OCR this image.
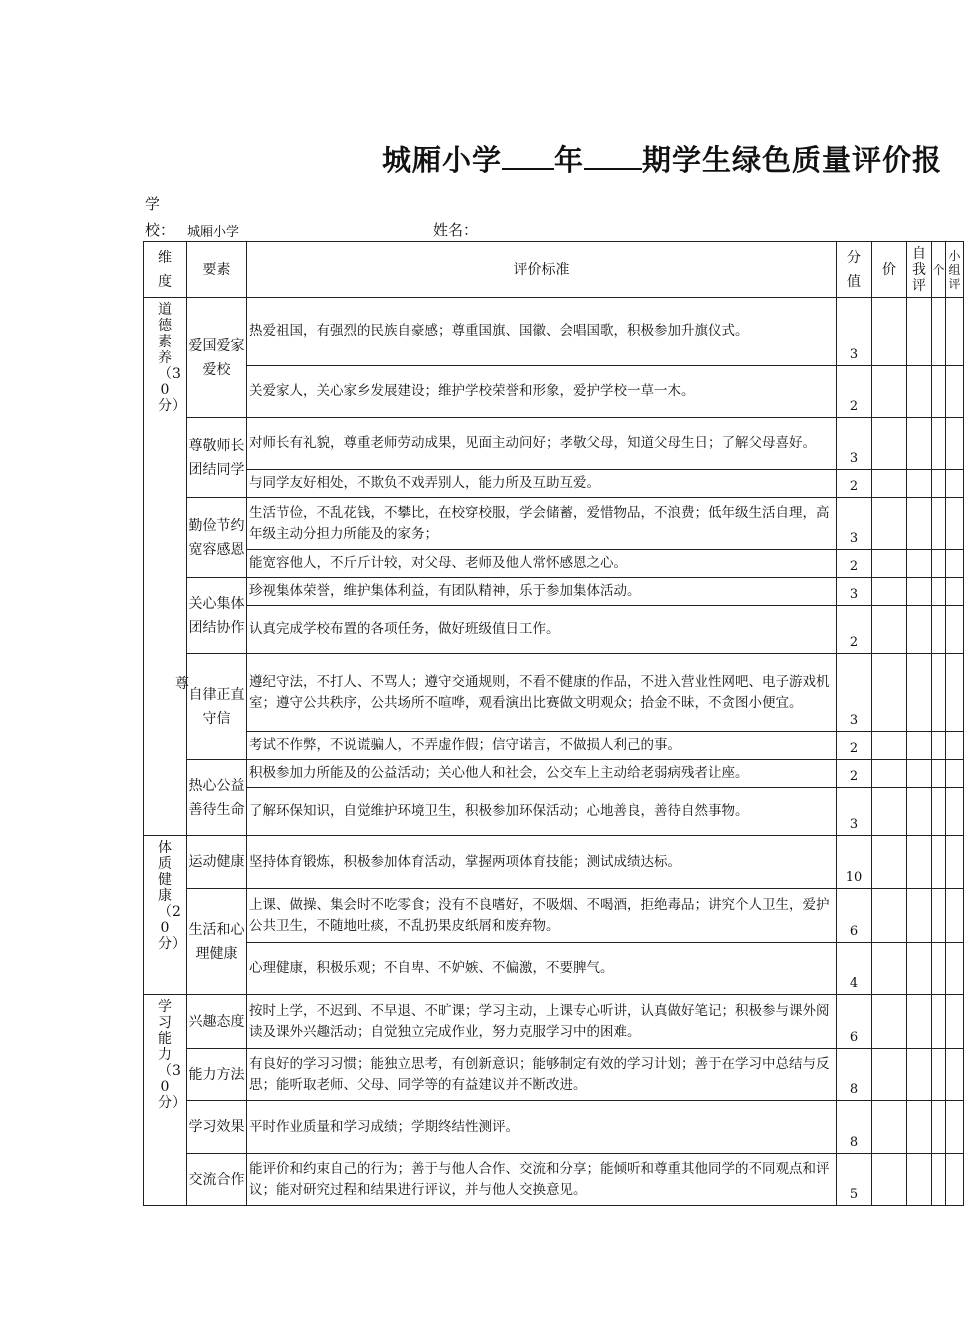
城厢小学 年 期学生绿色质量评价报
学
校： 城厢小学	姓名：
维度	要素	评价标准	分值	价	自我评	个	小组评

道德素养（30分）	爱国爱家爱校	热爱祖国，有强烈的民族自豪感；尊重国旗、国徽、会唱国歌，积极参加升旗仪式。	3				
		关爱家人，关心家乡发展建设；维护学校荣誉和形象，爱护学校一草一木。	2				
	尊敬师长团结同学	对师长有礼貌，尊重老师劳动成果，见面主动问好；孝敬父母，知道父母生日；了解父母喜好。	3				
		与同学友好相处，不欺负不戏弄别人，能力所及互助互爱。	2				
	勤俭节约宽容感恩	生活节俭，不乱花钱，不攀比，在校穿校服，学会储蓄，爱惜物品，不浪费；低年级生活自理，高年级主动分担力所能及的家务；	3				
		能宽容他人，不斤斤计较，对父母、老师及他人常怀感恩之心。	2				
	关心集体团结协作	珍视集体荣誉，维护集体利益，有团队精神，乐于参加集体活动。	3				
		认真完成学校布置的各项任务，做好班级值日工作。	2				

	尊
自律正直守信	遵纪守法，不打人、不骂人；遵守交通规则，不看不健康的作品，不进入营业性网吧、电子游戏机室；遵守公共秩序，公共场所不喧哗，观看演出比赛做文明观众；拾金不昧，不贪图小便宜。	3				
		考试不作弊，不说谎骗人，不弄虚作假；信守诺言，不做损人利己的事。	2				
	热心公益善待生命	积极参加力所能及的公益活动；关心他人和社会，公交车上主动给老弱病残者让座。	2				
		了解环保知识，自觉维护环境卫生，积极参加环保活动；心地善良，善待自然事物。	3				
体质健康（20分）	运动健康	坚持体育锻炼，积极参加体育活动，掌握两项体育技能；测试成绩达标。	10				
	生活和心理健康	上课、做操、集会时不吃零食；没有不良嗜好，不吸烟、不喝酒，拒绝毒品；讲究个人卫生，爱护公共卫生，不随地吐痰，不乱扔果皮纸屑和废弃物。	6				
		心理健康，积极乐观；不自卑、不妒嫉、不偏激，不要脾气。	4				
学习能力（30分）	兴趣态度	按时上学，不迟到、不早退、不旷课；学习主动，上课专心听讲，认真做好笔记；积极参与课外阅读及课外兴趣活动；自觉独立完成作业，努力克服学习中的困难。	6				
	能力方法	有良好的学习习惯；能独立思考，有创新意识；能够制定有效的学习计划；善于在学习中总结与反思；能听取老师、父母、同学等的有益建议并不断改进。	8				
	学习效果	平时作业质量和学习成绩；学期终结性测评。	8				
	交流合作	能评价和约束自己的行为；善于与他人合作、交流和分享；能倾听和尊重其他同学的不同观点和评议；能对研究过程和结果进行评议，并与他人交换意见。	5				
